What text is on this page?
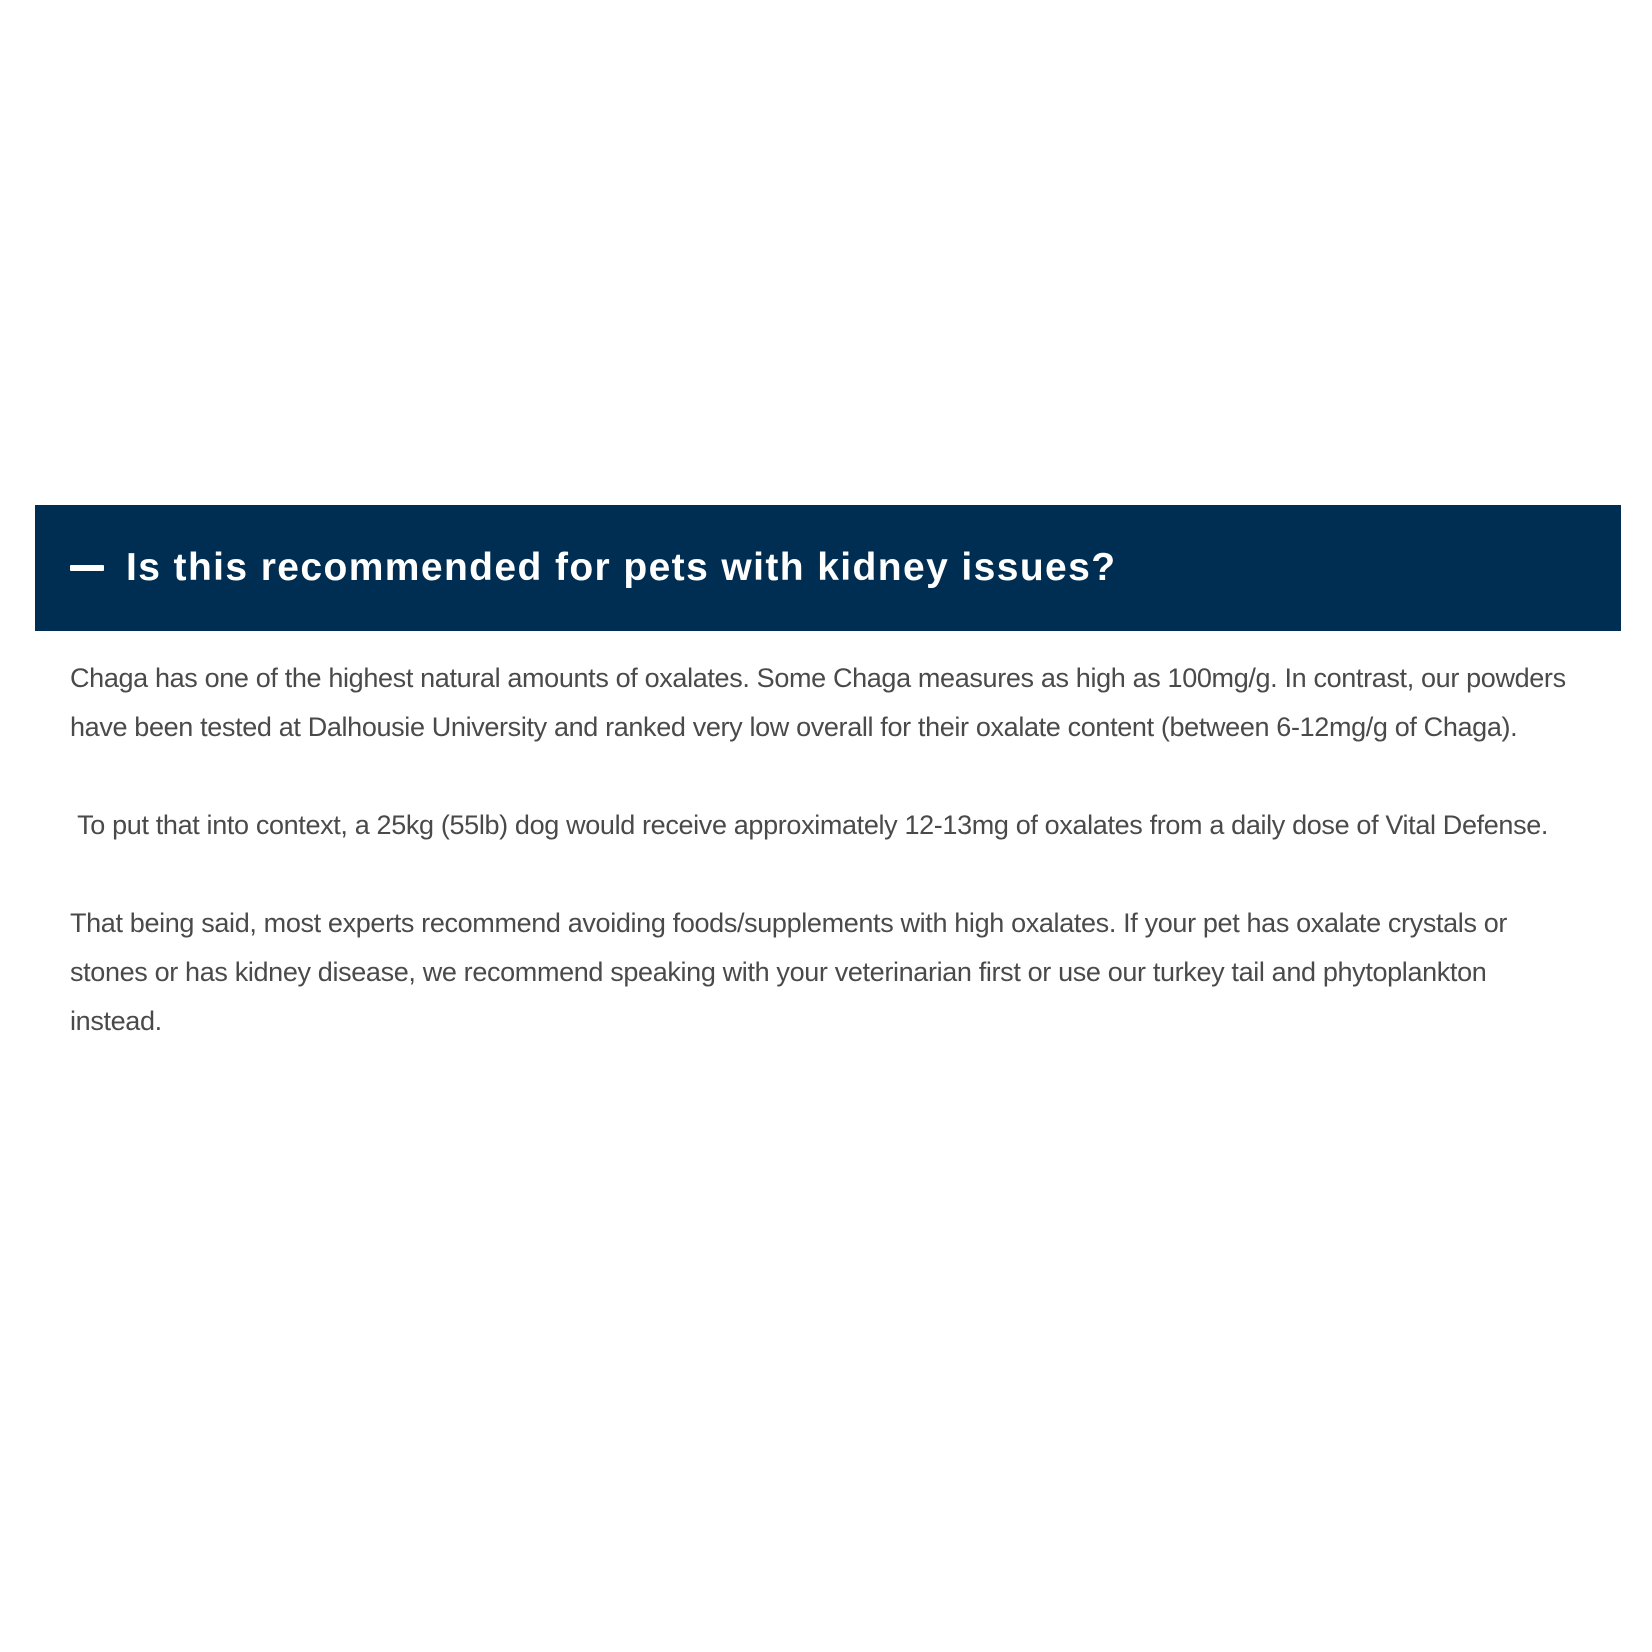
Is this recommended for pets with kidney issues?

Chaga has one of the highest natural amounts of oxalates. Some Chaga measures as high as 100mg/g. In contrast, our powders have been tested at Dalhousie University and ranked very low overall for their oxalate content (between 6-12mg/g of Chaga).

To put that into context, a 25kg (55lb) dog would receive approximately 12-13mg of oxalates from a daily dose of Vital Defense.

That being said, most experts recommend avoiding foods/supplements with high oxalates. If your pet has oxalate crystals or stones or has kidney disease, we recommend speaking with your veterinarian first or use our turkey tail and phytoplankton instead.
